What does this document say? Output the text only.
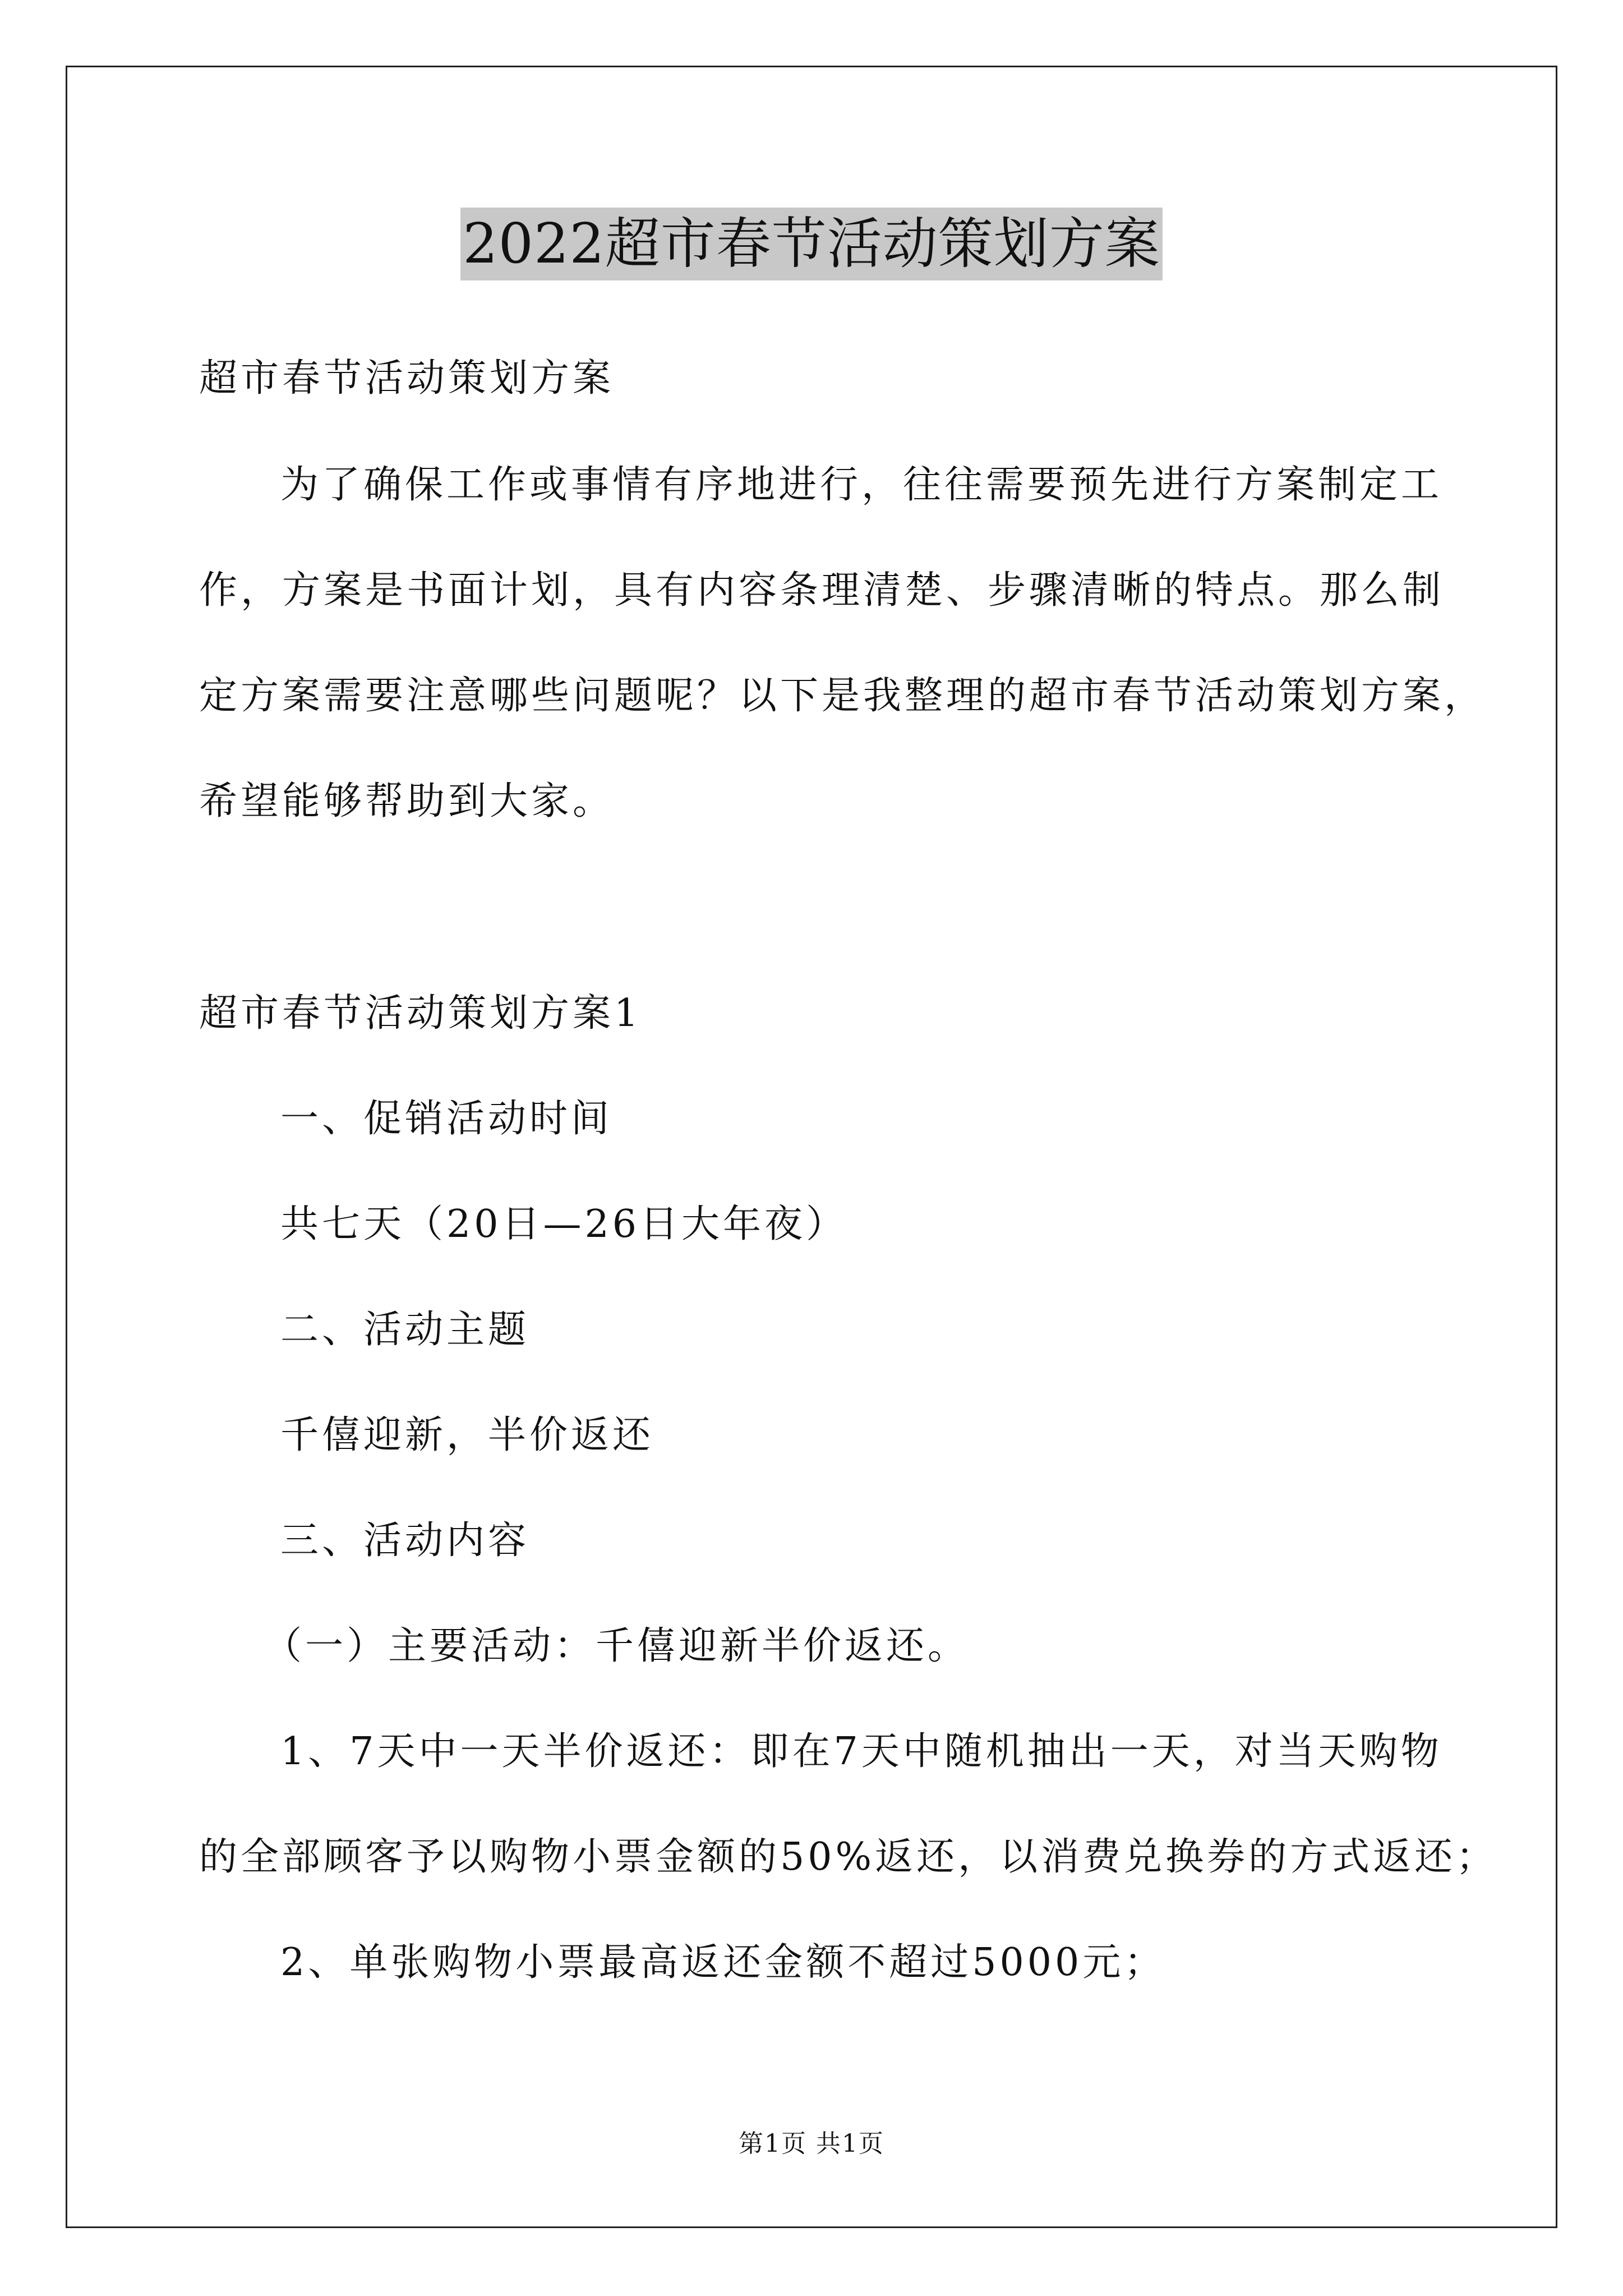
2022超市春节活动策划方案
超市春节活动策划方案
为了确保工作或事情有序地进行，往往需要预先进行方案制定工
作，方案是书面计划，具有内容条理清楚、步骤清晰的特点。那么制
定方案需要注意哪些问题呢？以下是我整理的超市春节活动策划方案，
希望能够帮助到大家。
超市春节活动策划方案1
一、促销活动时间
共七天（20日—26日大年夜）
二、活动主题
千僖迎新，半价返还
三、活动内容
（一）主要活动：千僖迎新半价返还。
1、7天中一天半价返还：即在7天中随机抽出一天，对当天购物
的全部顾客予以购物小票金额的50%返还，以消费兑换券的方式返还；
2、单张购物小票最高返还金额不超过5000元；
第1页 共1页
